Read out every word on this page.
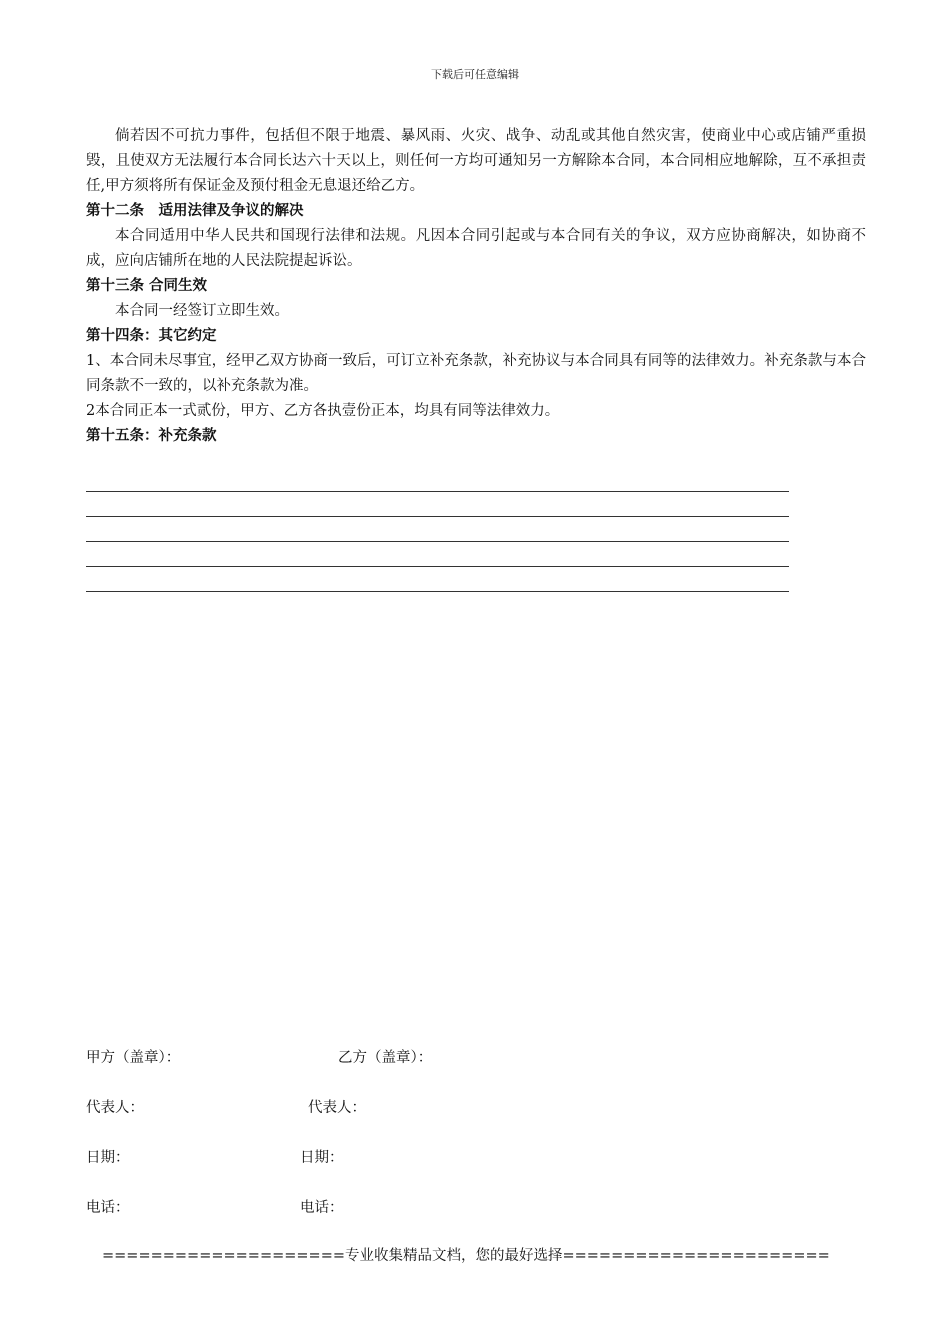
下载后可任意编辑

倘若因不可抗力事件，包括但不限于地震、暴风雨、火灾、战争、动乱或其他自然灾害，使商业中心或店铺严重损毁，且使双方无法履行本合同长达六十天以上，则任何一方均可通知另一方解除本合同，本合同相应地解除，互不承担责任,甲方须将所有保证金及预付租金无息退还给乙方。

第十二条　适用法律及争议的解决

本合同适用中华人民共和国现行法律和法规。凡因本合同引起或与本合同有关的争议，双方应协商解决，如协商不成，应向店铺所在地的人民法院提起诉讼。

第十三条 合同生效

本合同一经签订立即生效。

第十四条：其它约定

1、本合同未尽事宜，经甲乙双方协商一致后，可订立补充条款，补充协议与本合同具有同等的法律效力。补充条款与本合同条款不一致的，以补充条款为准。

2本合同正本一式贰份，甲方、乙方各执壹份正本，均具有同等法律效力。

第十五条：补充条款

甲方（盖章）：	乙方（盖章）：
代表人：	代表人：
日期：	日期：
电话：	电话：
====================专业收集精品文档，您的最好选择======================
